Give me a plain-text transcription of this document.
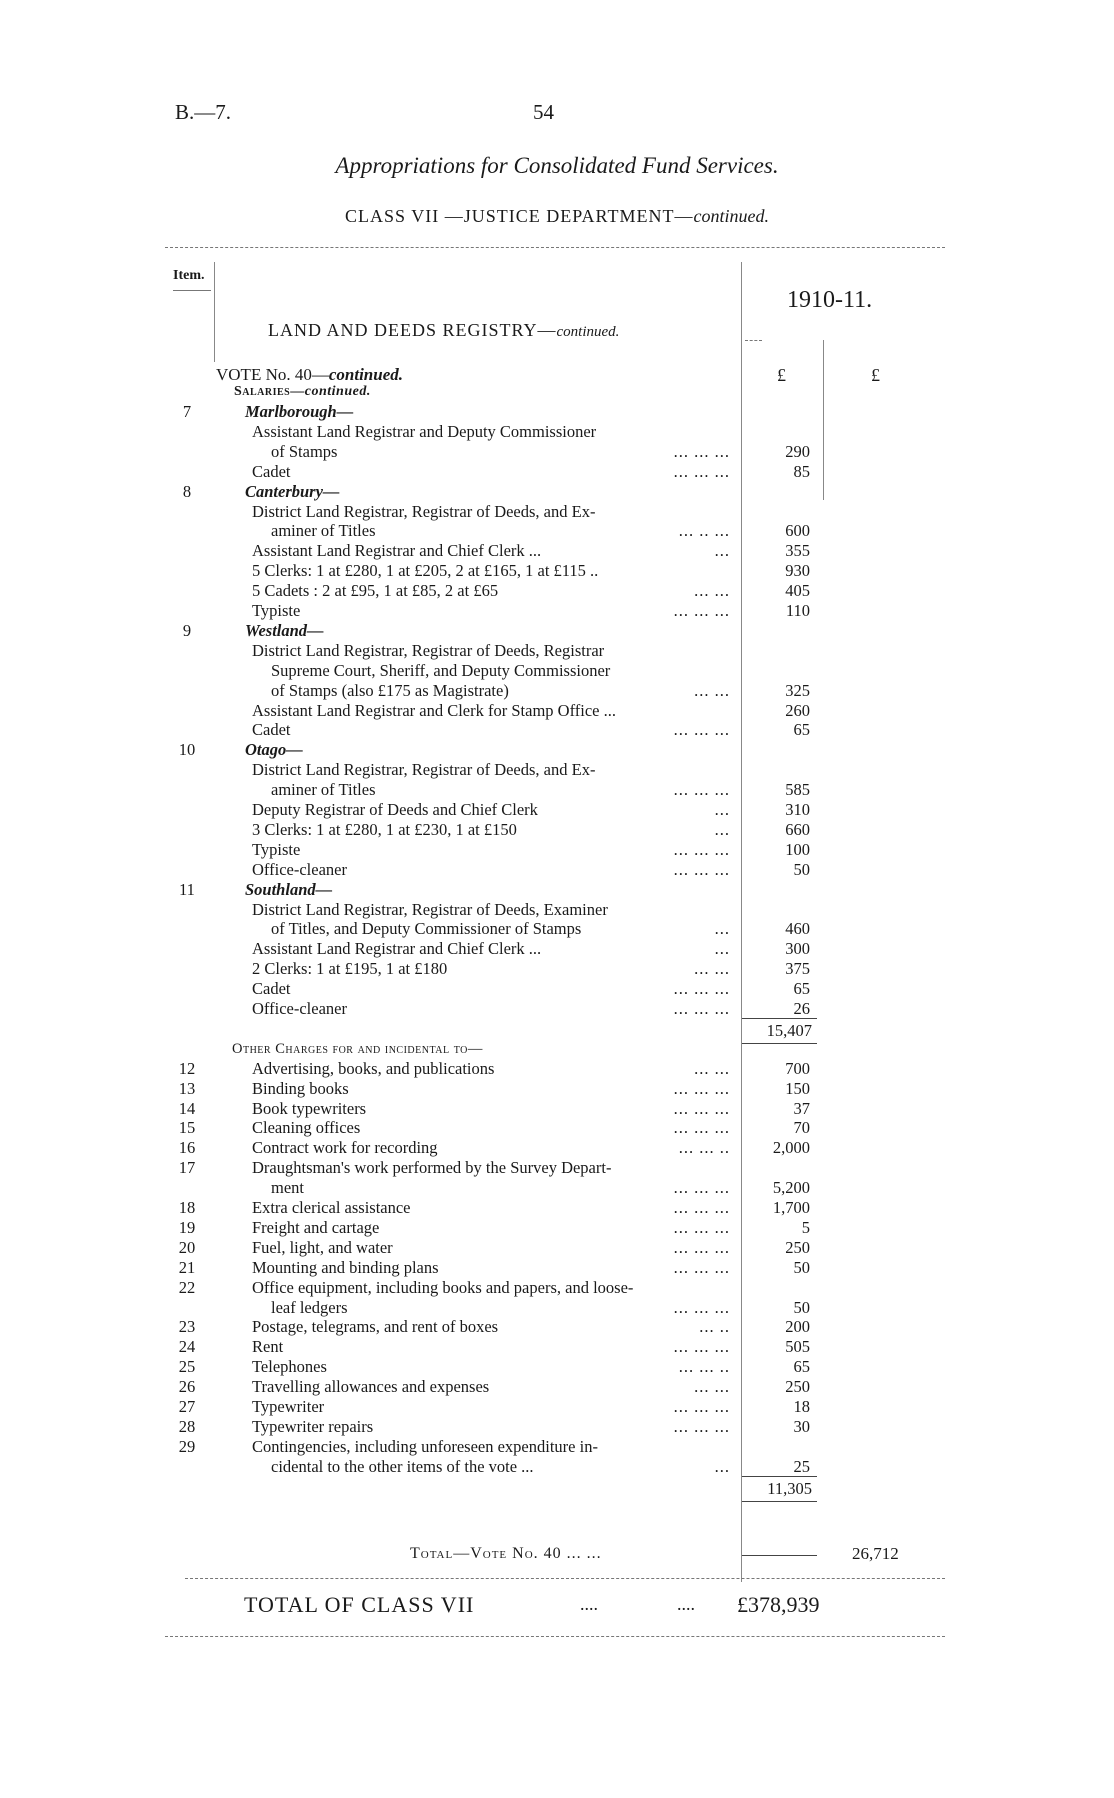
B.—7.	54
Appropriations for Consolidated Fund Services.
CLASS VII —JUSTICE DEPARTMENT—continued.
Item.
1910-11.
LAND AND DEEDS REGISTRY—continued.
VOTE No. 40—continued.	£	£
Salaries—continued.
7	Marlborough—
Assistant Land Registrar and Deputy Commissioner
of Stamps	... ... ...	290
Cadet	... ... ...	85
8	Canterbury—
District Land Registrar, Registrar of Deeds, and Ex-
aminer of Titles	... .. ...	600
Assistant Land Registrar and Chief Clerk ...	...	355
5 Clerks: 1 at £280, 1 at £205, 2 at £165, 1 at £115 ..	930
5 Cadets : 2 at £95, 1 at £85, 2 at £65	... ...	405
Typiste	... ... ...	110
9	Westland—
District Land Registrar, Registrar of Deeds, Registrar
Supreme Court, Sheriff, and Deputy Commissioner
of Stamps (also £175 as Magistrate)	... ...	325
Assistant Land Registrar and Clerk for Stamp Office ...	260
Cadet	... ... ...	65
10	Otago—
District Land Registrar, Registrar of Deeds, and Ex-
aminer of Titles	... ... ...	585
Deputy Registrar of Deeds and Chief Clerk	...	310
3 Clerks: 1 at £280, 1 at £230, 1 at £150	...	660
Typiste	... ... ...	100
Office-cleaner	... ... ...	50
11	Southland—
District Land Registrar, Registrar of Deeds, Examiner
of Titles, and Deputy Commissioner of Stamps	...	460
Assistant Land Registrar and Chief Clerk ...	...	300
2 Clerks: 1 at £195, 1 at £180	... ...	375
Cadet	... ... ...	65
Office-cleaner	... ... ...	26
15,407
Other Charges for and incidental to—
12	Advertising, books, and publications	... ...	700
13	Binding books	... ... ...	150
14	Book typewriters	... ... ...	37
15	Cleaning offices	... ... ...	70
16	Contract work for recording	... ... ..	2,000
17	Draughtsman's work performed by the Survey Depart-
ment	... ... ...	5,200
18	Extra clerical assistance	... ... ...	1,700
19	Freight and cartage	... ... ...	5
20	Fuel, light, and water	... ... ...	250
21	Mounting and binding plans	... ... ...	50
22	Office equipment, including books and papers, and loose-
leaf ledgers	... ... ...	50
23	Postage, telegrams, and rent of boxes	... ..	200
24	Rent	... ... ...	505
25	Telephones	... ... ..	65
26	Travelling allowances and expenses	... ...	250
27	Typewriter	... ... ...	18
28	Typewriter repairs	... ... ...	30
29	Contingencies, including unforeseen expenditure in-
cidental to the other items of the vote ...	...	25
11,305
Total—Vote No. 40 ... ...	26,712
TOTAL OF CLASS VII	....	.... £378,939
